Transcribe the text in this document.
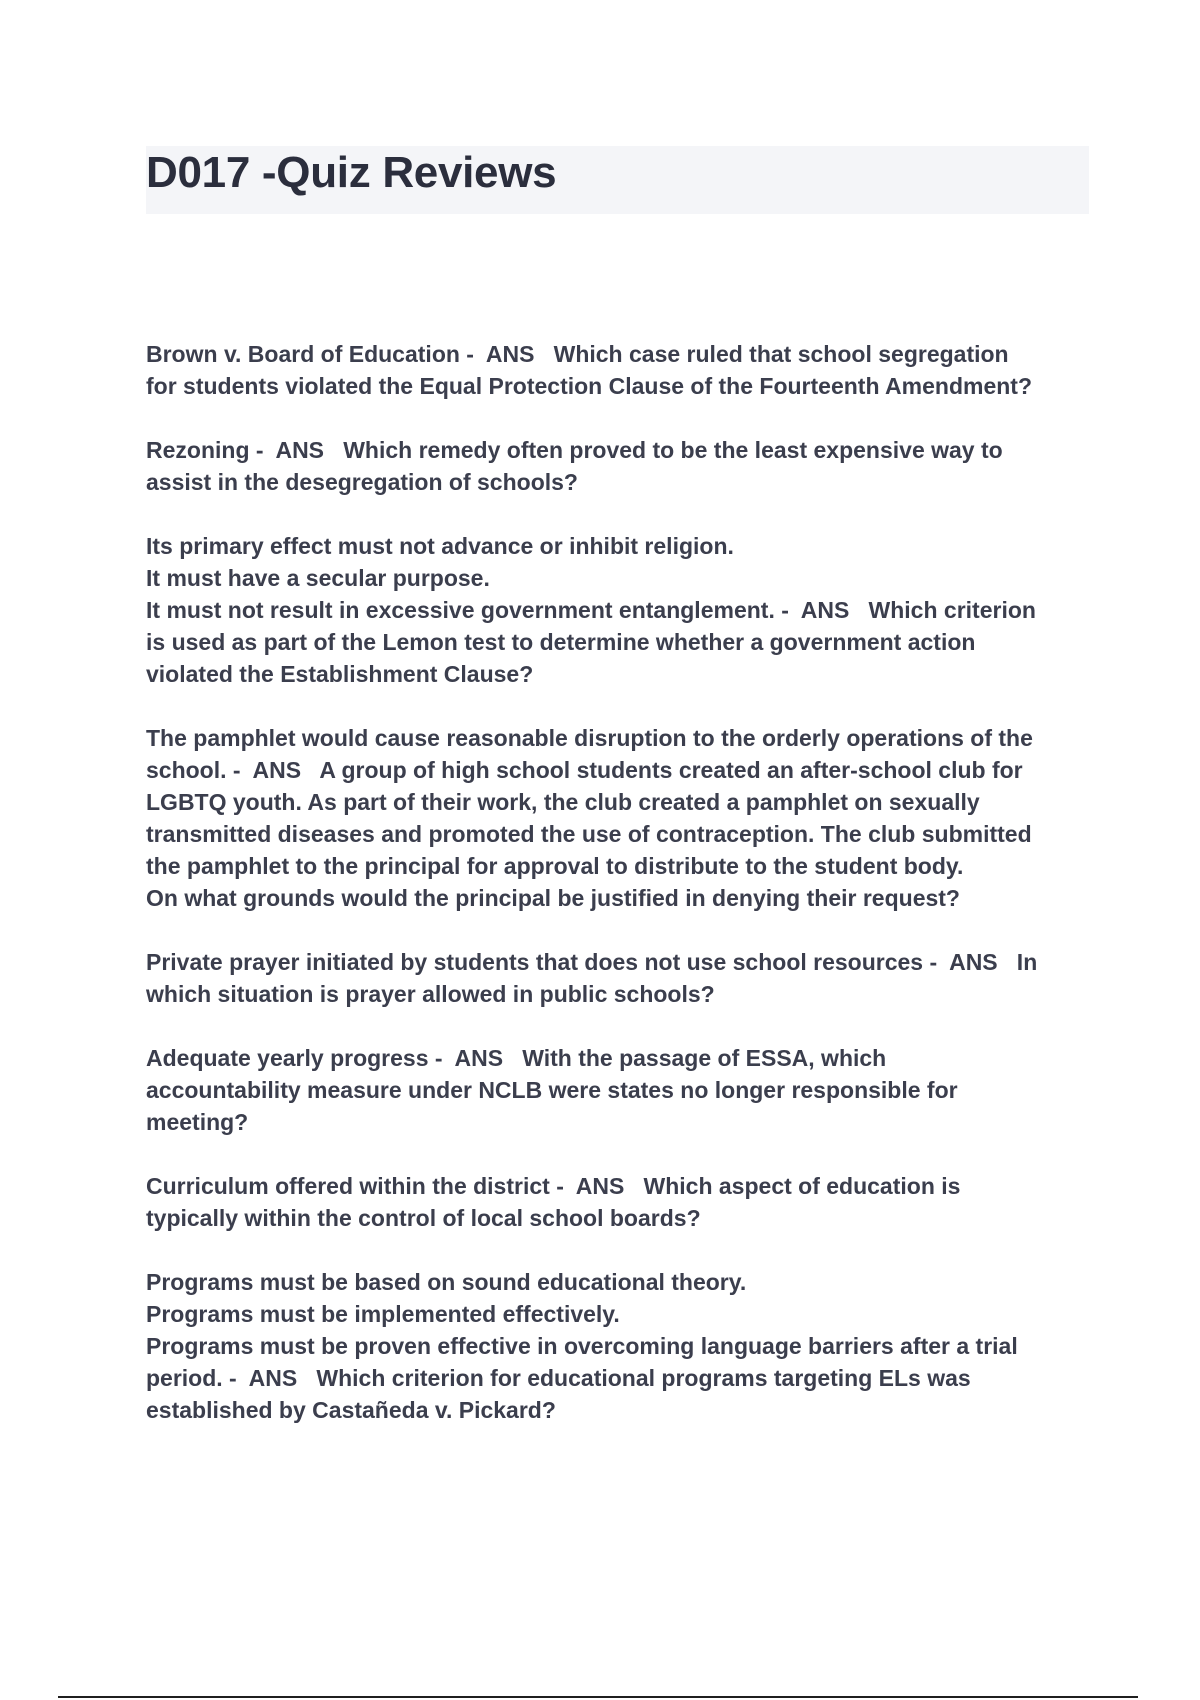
D017 -Quiz Reviews
Brown v. Board of Education -  ANS   Which case ruled that school segregation
for students violated the Equal Protection Clause of the Fourteenth Amendment?
Rezoning -  ANS   Which remedy often proved to be the least expensive way to
assist in the desegregation of schools?
Its primary effect must not advance or inhibit religion.
It must have a secular purpose.
It must not result in excessive government entanglement. -  ANS   Which criterion
is used as part of the Lemon test to determine whether a government action
violated the Establishment Clause?
The pamphlet would cause reasonable disruption to the orderly operations of the
school. -  ANS   A group of high school students created an after-school club for
LGBTQ youth. As part of their work, the club created a pamphlet on sexually
transmitted diseases and promoted the use of contraception. The club submitted
the pamphlet to the principal for approval to distribute to the student body.
On what grounds would the principal be justified in denying their request?
Private prayer initiated by students that does not use school resources -  ANS   In
which situation is prayer allowed in public schools?
Adequate yearly progress -  ANS   With the passage of ESSA, which
accountability measure under NCLB were states no longer responsible for
meeting?
Curriculum offered within the district -  ANS   Which aspect of education is
typically within the control of local school boards?
Programs must be based on sound educational theory.
Programs must be implemented effectively.
Programs must be proven effective in overcoming language barriers after a trial
period. -  ANS   Which criterion for educational programs targeting ELs was
established by Castañeda v. Pickard?
